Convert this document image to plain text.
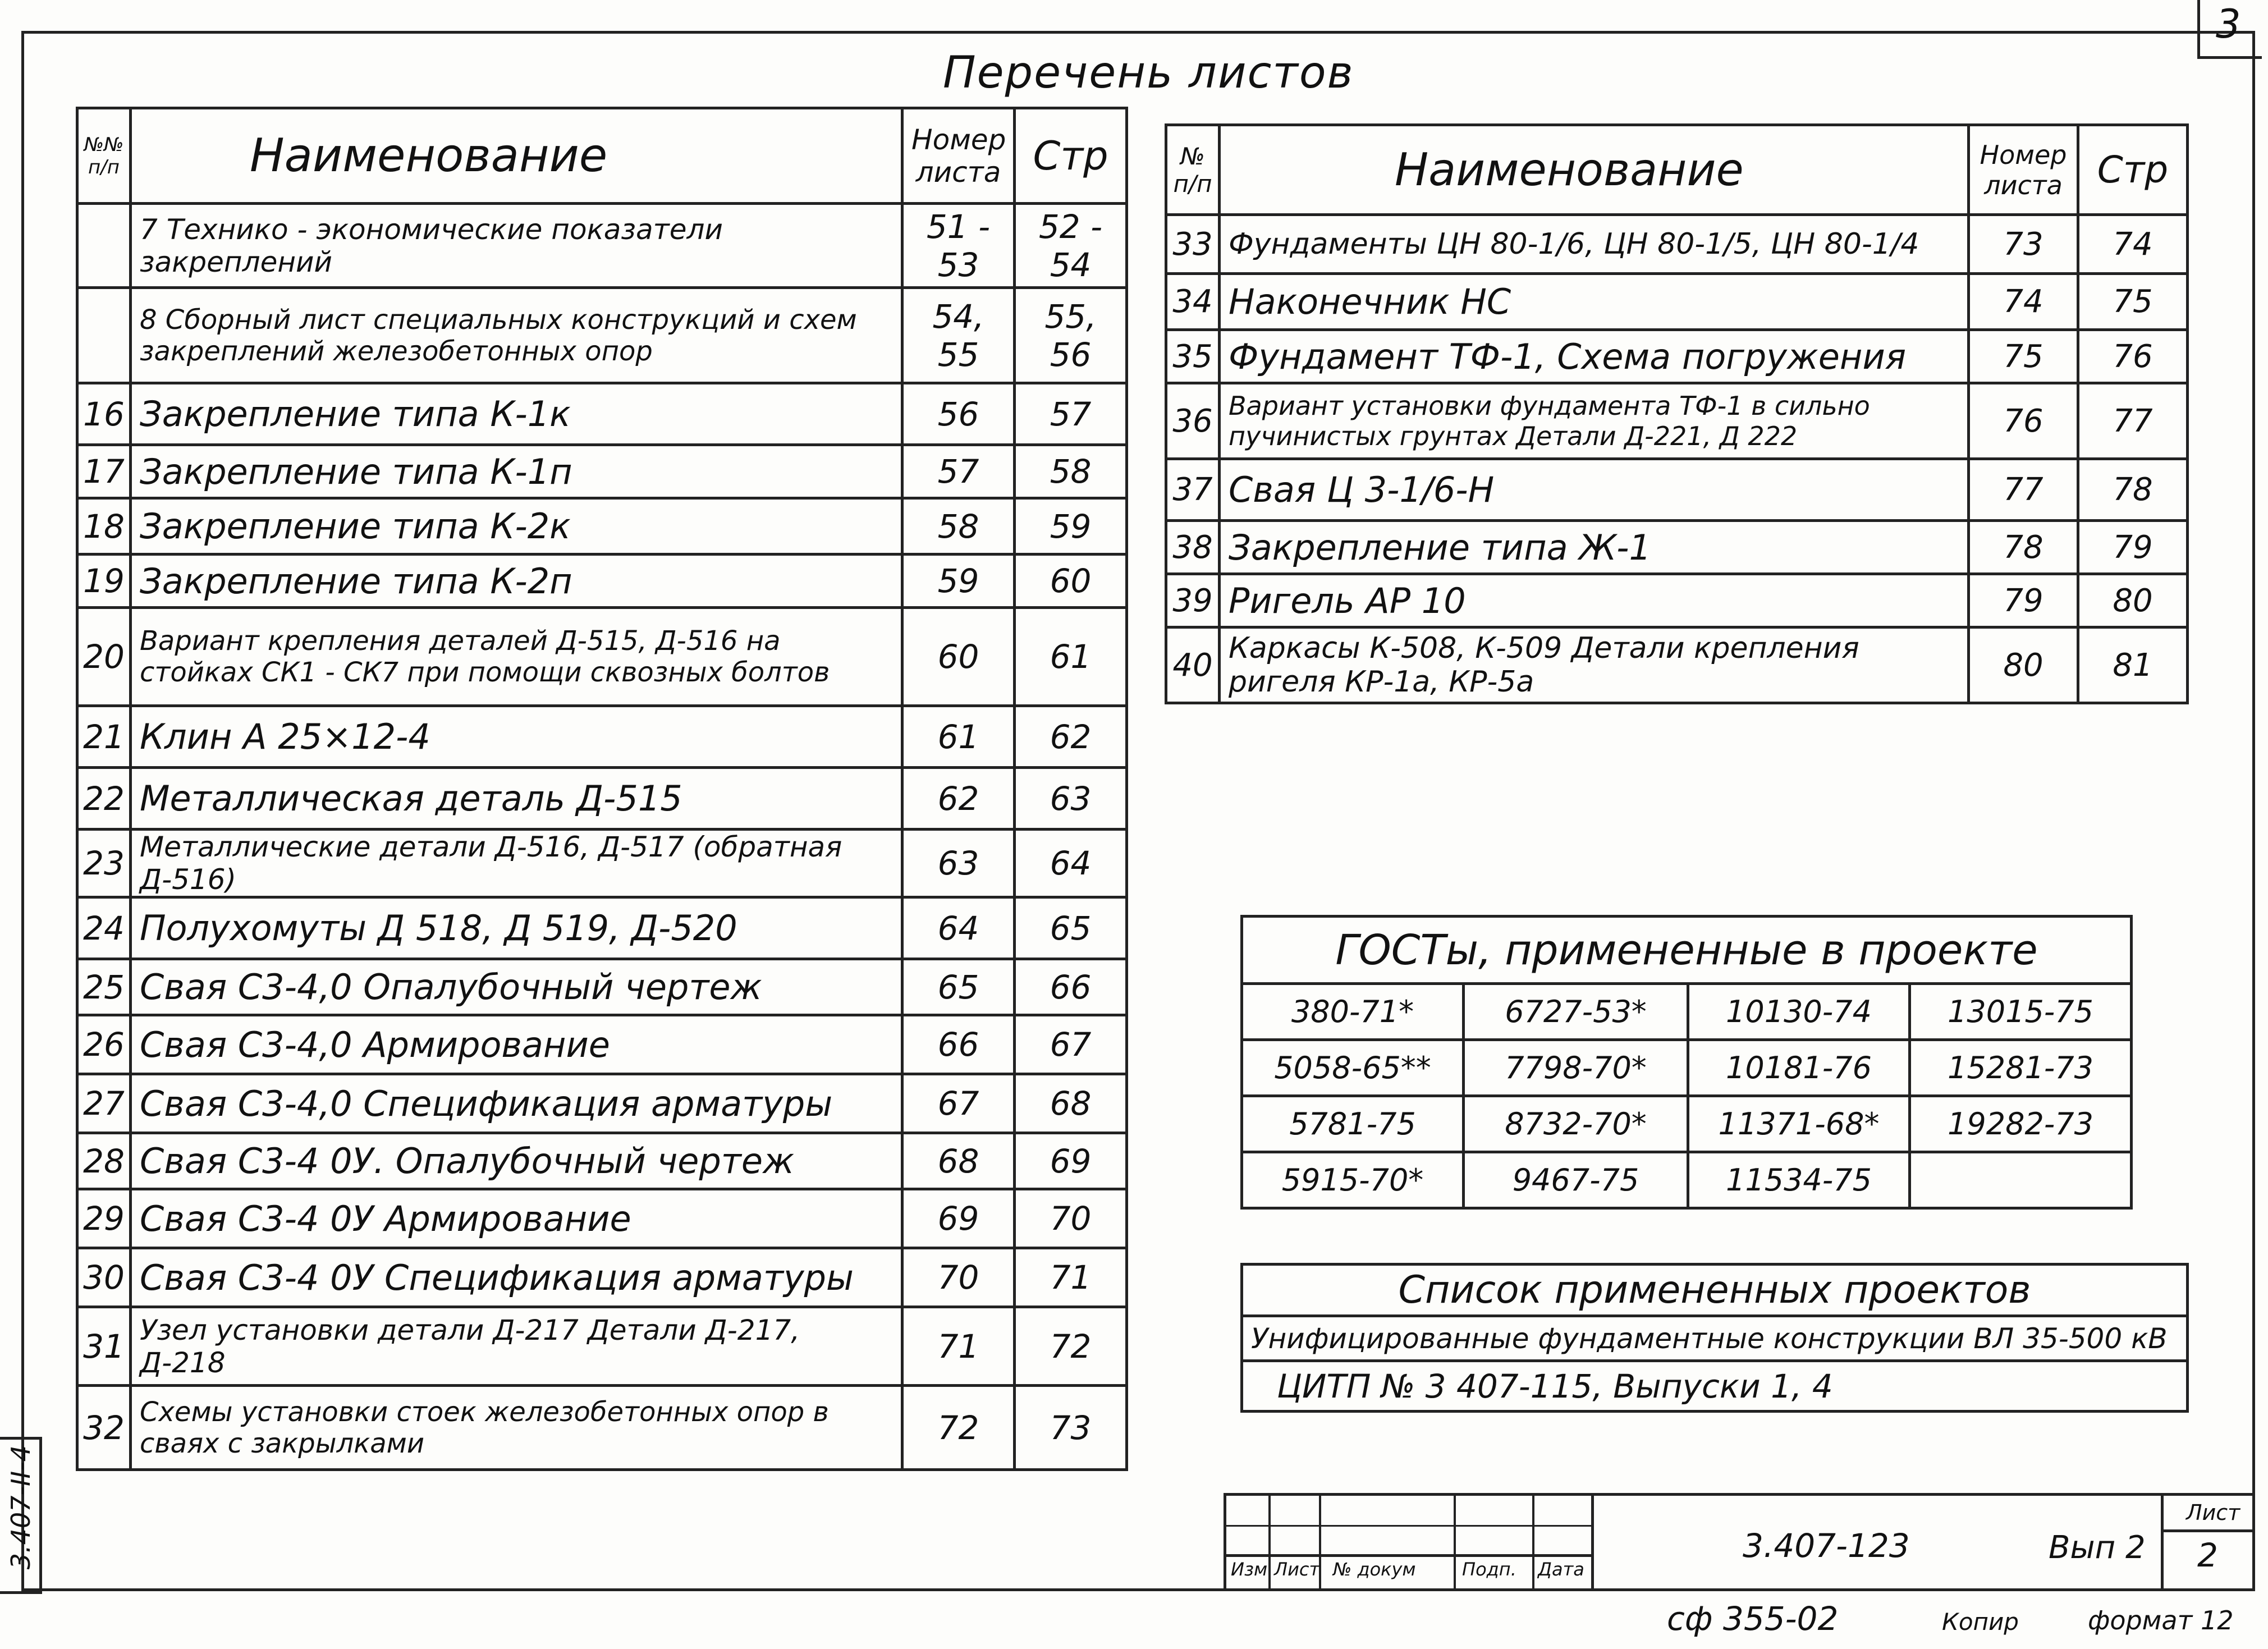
3
3.407-II-4
Перечень листов
№№ п/п	Наименование	Номер листа	Стр
	7 Технико - экономические показатели закреплений	51 - 53	52 - 54
	8 Сборный лист специальных конструкций и схем закреплений железобетонных опор	54, 55	55, 56
16	Закрепление типа К-1к	56	57
17	Закрепление типа К-1п	57	58
18	Закрепление типа К-2к	58	59
19	Закрепление типа К-2п	59	60
20	Вариант крепления деталей Д-515, Д-516 на стойках СК1 - СК7 при помощи сквозных болтов	60	61
21	Клин А 25×12-4	61	62
22	Металлическая деталь Д-515	62	63
23	Металлические детали Д-516, Д-517 (обратная Д-516)	63	64
24	Полухомуты Д 518, Д 519, Д-520	64	65
25	Свая С3-4,0 Опалубочный чертеж	65	66
26	Свая С3-4,0 Армирование	66	67
27	Свая С3-4,0 Спецификация арматуры	67	68
28	Свая С3-4 0У. Опалубочный чертеж	68	69
29	Свая С3-4 0У Армирование	69	70
30	Свая С3-4 0У Спецификация арматуры	70	71
31	Узел установки детали Д-217 Детали Д-217, Д-218	71	72
32	Схемы установки стоек железобетонных опор в сваях с закрылками	72	73
№ п/п	Наименование	Номер листа	Стр
33	Фундаменты ЦН 80-1/6, ЦН 80-1/5, ЦН 80-1/4	73	74
34	Наконечник НС	74	75
35	Фундамент ТФ-1, Схема погружения	75	76
36	Вариант установки фундамента ТФ-1 в сильно пучинистых грунтах Детали Д-221, Д 222	76	77
37	Свая Ц 3-1/6-Н	77	78
38	Закрепление типа Ж-1	78	79
39	Ригель АР 10	79	80
40	Каркасы К-508, К-509 Детали крепления ригеля КР-1а, КР-5а	80	81
ГОСТы, примененные в проекте			
380-71*	6727-53*	10130-74	13015-75
5058-65**	7798-70*	10181-76	15281-73
5781-75	8732-70*	11371-68*	19282-73
5915-70*	9467-75	11534-75	
Список примененных проектов
Унифицированные фундаментные конструкции ВЛ 35-500 кВ
ЦИТП № 3 407-115, Выпуски 1, 4
Изм Лист № докум	Подп. Дата
3.407-123	Вып 2
Лист
2
сф 355-02	Копир	формат 12
